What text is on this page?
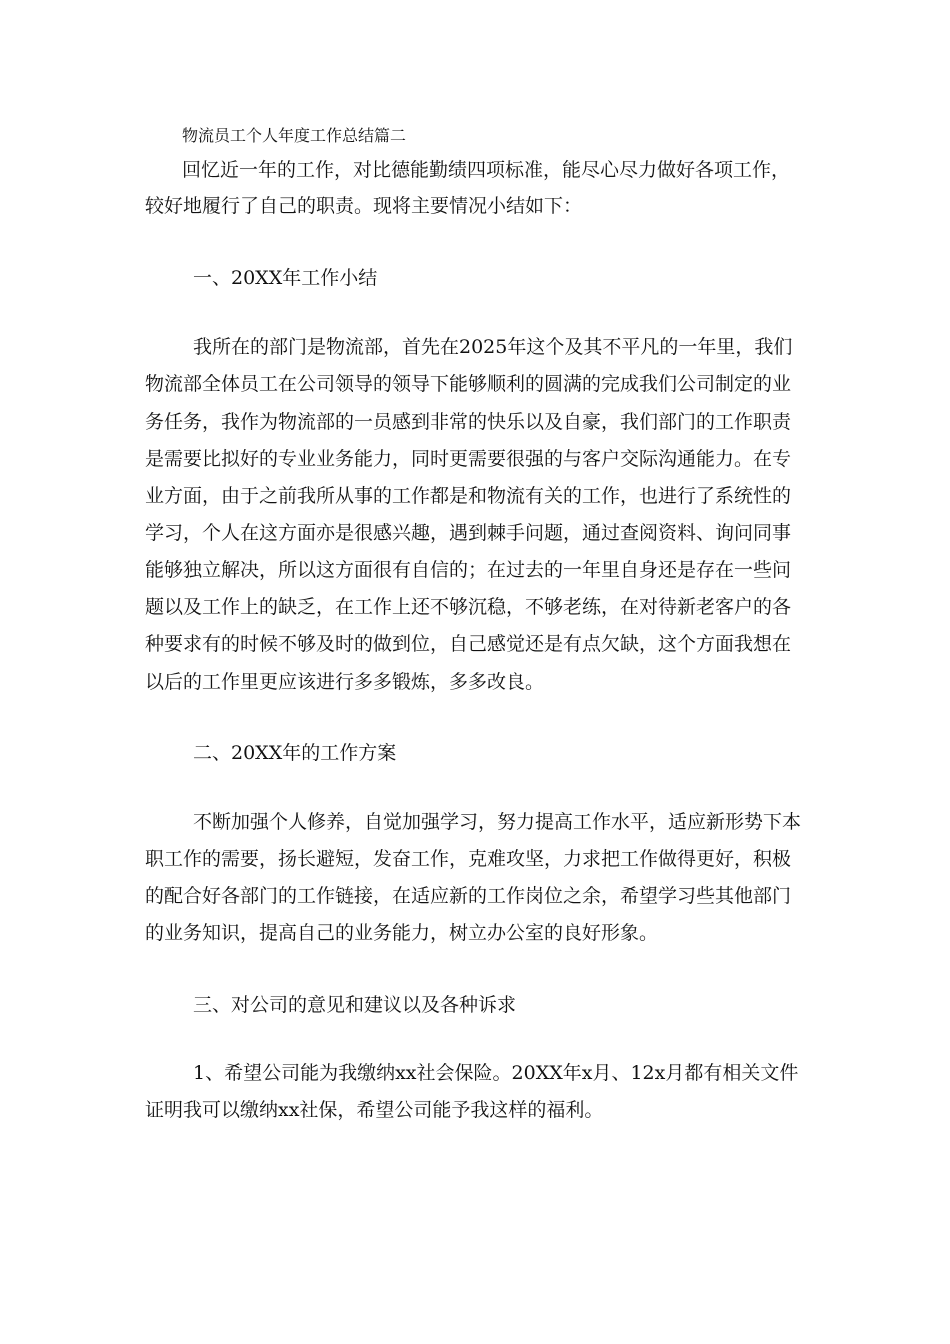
物流员工个人年度工作总结篇二
回忆近一年的工作，对比德能勤绩四项标准，能尽心尽力做好各项工作，
较好地履行了自己的职责。现将主要情况小结如下：
一、20XX年工作小结
我所在的部门是物流部，首先在2025年这个及其不平凡的一年里，我们
物流部全体员工在公司领导的领导下能够顺利的圆满的完成我们公司制定的业
务任务，我作为物流部的一员感到非常的快乐以及自豪，我们部门的工作职责
是需要比拟好的专业业务能力，同时更需要很强的与客户交际沟通能力。在专
业方面，由于之前我所从事的工作都是和物流有关的工作，也进行了系统性的
学习，个人在这方面亦是很感兴趣，遇到棘手问题，通过查阅资料、询问同事
能够独立解决，所以这方面很有自信的；在过去的一年里自身还是存在一些问
题以及工作上的缺乏，在工作上还不够沉稳，不够老练，在对待新老客户的各
种要求有的时候不够及时的做到位，自己感觉还是有点欠缺，这个方面我想在
以后的工作里更应该进行多多锻炼，多多改良。
二、20XX年的工作方案
不断加强个人修养，自觉加强学习，努力提高工作水平，适应新形势下本
职工作的需要，扬长避短，发奋工作，克难攻坚，力求把工作做得更好，积极
的配合好各部门的工作链接，在适应新的工作岗位之余，希望学习些其他部门
的业务知识，提高自己的业务能力，树立办公室的良好形象。
三、对公司的意见和建议以及各种诉求
1、希望公司能为我缴纳xx社会保险。20XX年x月、12x月都有相关文件
证明我可以缴纳xx社保，希望公司能予我这样的福利。
